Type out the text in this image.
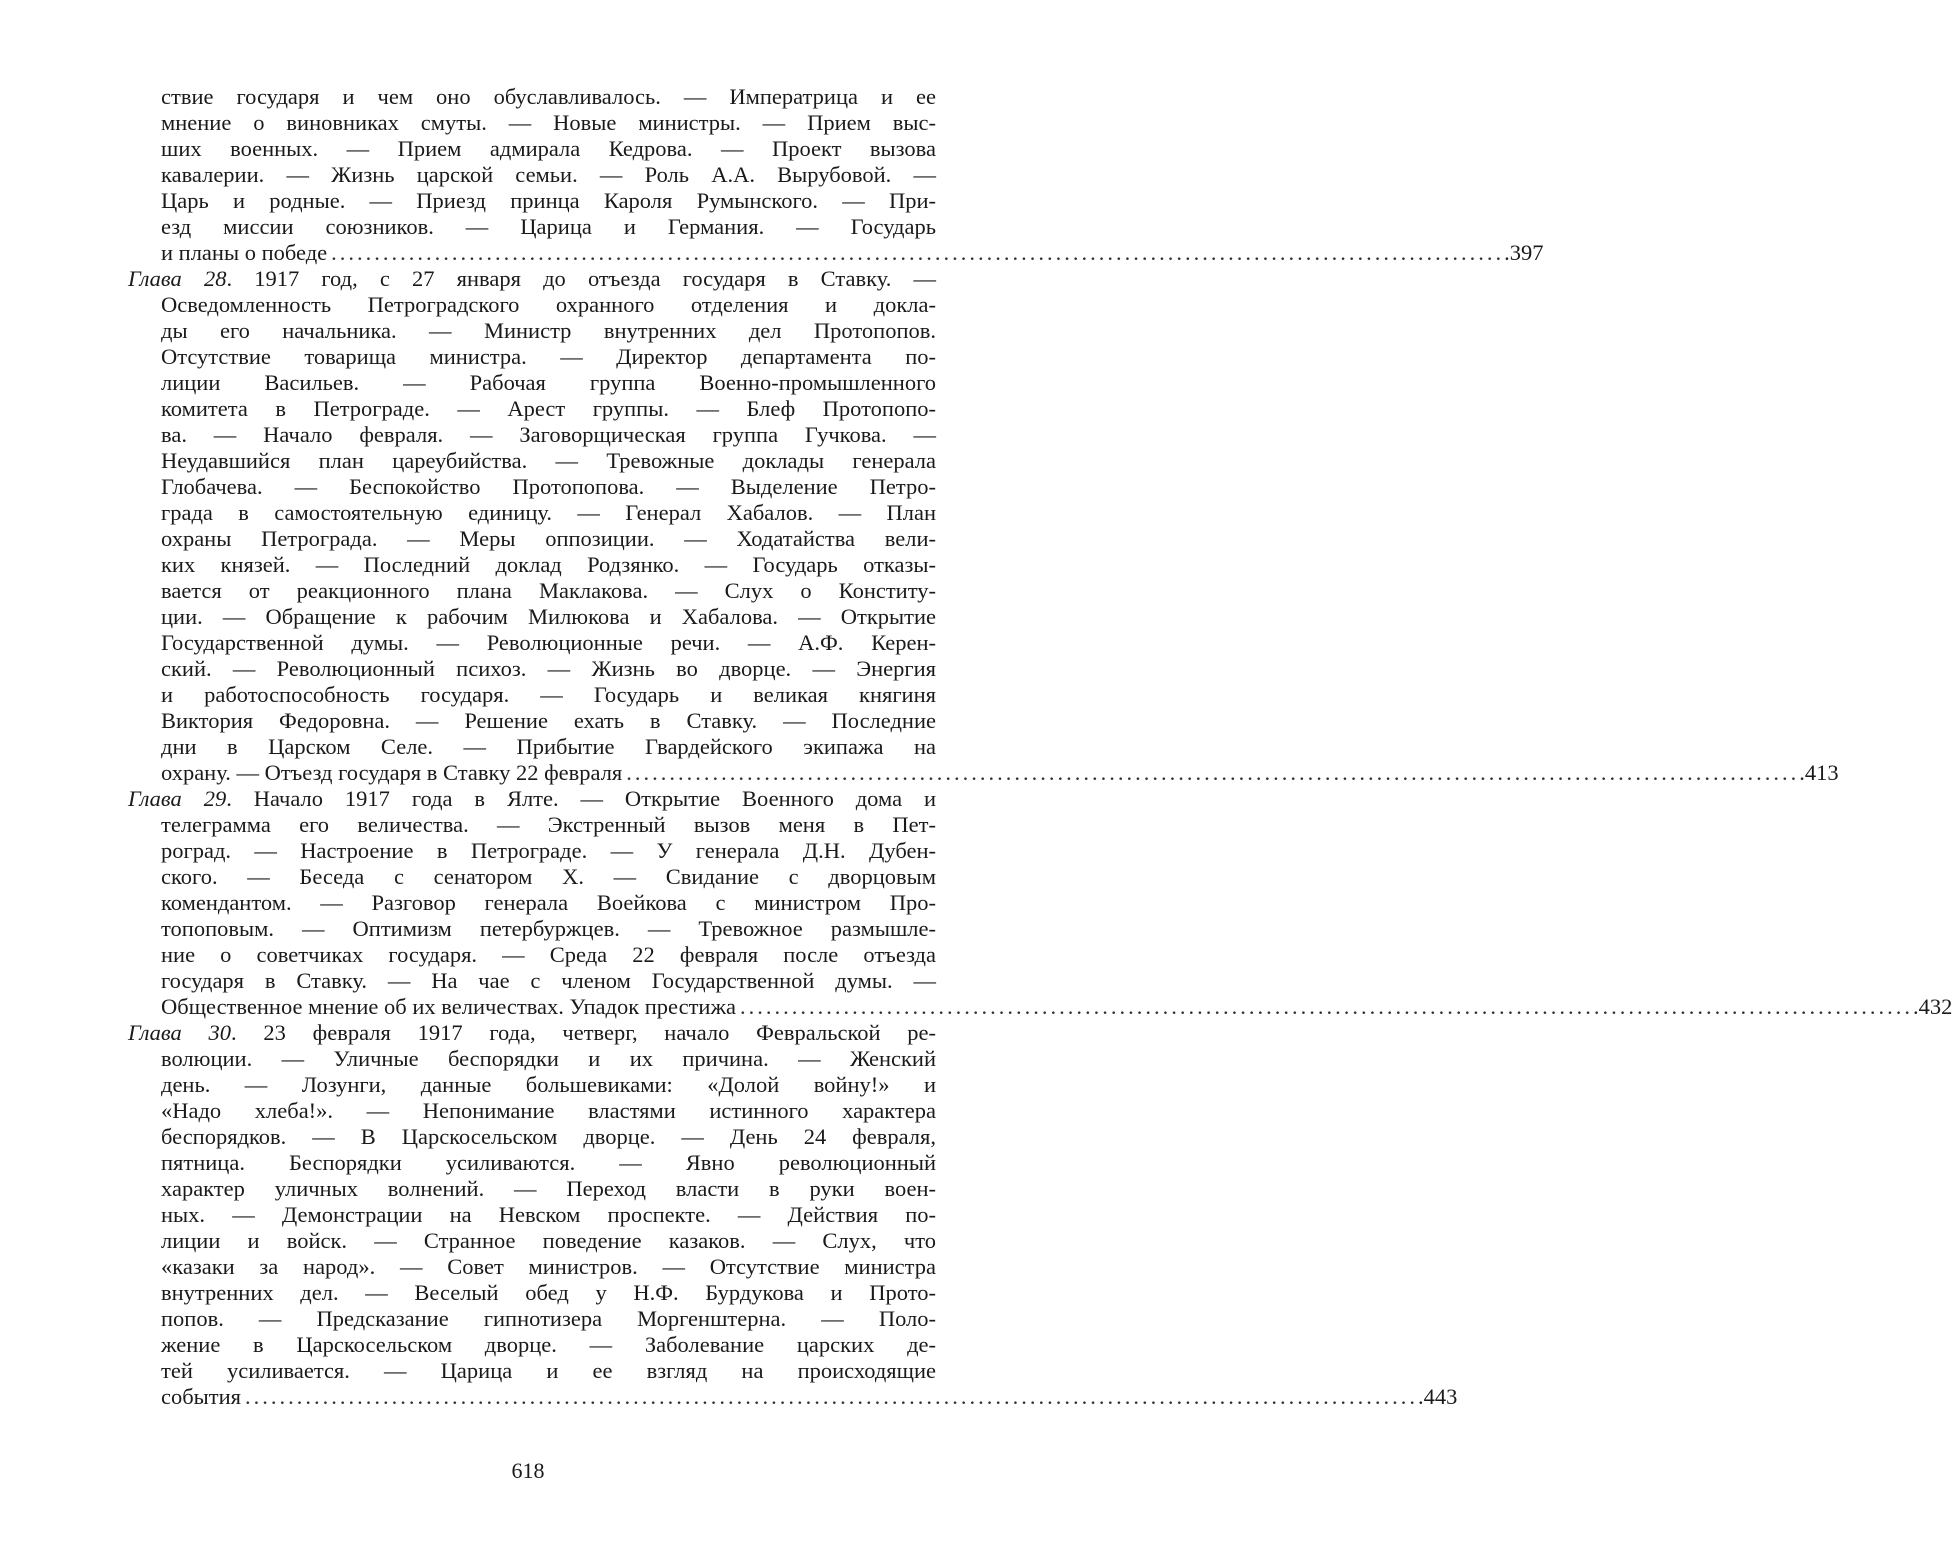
ствие государя и чем оно обуславливалось. — Императрица и ее
мнение о виновниках смуты. — Новые министры. — Прием выс-
ших военных. — Прием адмирала Кедрова. — Проект вызова
кавалерии. — Жизнь царской семьи. — Роль А.А. Вырубовой. —
Царь и родные. — Приезд принца Кароля Румынского. — При-
езд миссии союзников. — Царица и Германия. — Государь
и планы о победе ........................................................................................................................................ .397
Глава 28. 1917 год, с 27 января до отъезда государя в Ставку. —
Осведомленность Петроградского охранного отделения и докла-
ды его начальника. — Министр внутренних дел Протопопов.
Отсутствие товарища министра. — Директор департамента по-
лиции Васильев. — Рабочая группа Военно-промышленного
комитета в Петрограде. — Арест группы. — Блеф Протопопо-
ва. — Начало февраля. — Заговорщическая группа Гучкова. —
Неудавшийся план цареубийства. — Тревожные доклады генерала
Глобачева. — Беспокойство Протопопова. — Выделение Петро-
града в самостоятельную единицу. — Генерал Хабалов. — План
охраны Петрограда. — Меры оппозиции. — Ходатайства вели-
ких князей. — Последний доклад Родзянко. — Государь отказы-
вается от реакционного плана Маклакова. — Слух о Конститу-
ции. — Обращение к рабочим Милюкова и Хабалова. — Открытие
Государственной думы. — Революционные речи. — А.Ф. Керен-
ский. — Революционный психоз. — Жизнь во дворце. — Энергия
и работоспособность государя. — Государь и великая княгиня
Виктория Федоровна. — Решение ехать в Ставку. — Последние
дни в Царском Селе. — Прибытие Гвардейского экипажа на
охрану. — Отъезд государя в Ставку 22 февраля ........................................................................................................................................ .413
Глава 29. Начало 1917 года в Ялте. — Открытие Военного дома и
телеграмма его величества. — Экстренный вызов меня в Пет-
роград. — Настроение в Петрограде. — У генерала Д.Н. Дубен-
ского. — Беседа с сенатором Х. — Свидание с дворцовым
комендантом. — Разговор генерала Воейкова с министром Про-
топоповым. — Оптимизм петербуржцев. — Тревожное размышле-
ние о советчиках государя. — Среда 22 февраля после отъезда
государя в Ставку. — На чае с членом Государственной думы. —
Общественное мнение об их величествах. Упадок престижа ........................................................................................................................................ .432
Глава 30. 23 февраля 1917 года, четверг, начало Февральской ре-
волюции. — Уличные беспорядки и их причина. — Женский
день. — Лозунги, данные большевиками: «Долой войну!» и
«Надо хлеба!». — Непонимание властями истинного характера
беспорядков. — В Царскосельском дворце. — День 24 февраля,
пятница. Беспорядки усиливаются. — Явно революционный
характер уличных волнений. — Переход власти в руки воен-
ных. — Демонстрации на Невском проспекте. — Действия по-
лиции и войск. — Странное поведение казаков. — Слух, что
«казаки за народ». — Совет министров. — Отсутствие министра
внутренних дел. — Веселый обед у Н.Ф. Бурдукова и Прото-
попов. — Предсказание гипнотизера Моргенштерна. — Поло-
жение в Царскосельском дворце. — Заболевание царских де-
тей усиливается. — Царица и ее взгляд на происходящие
события ........................................................................................................................................ .443
618
